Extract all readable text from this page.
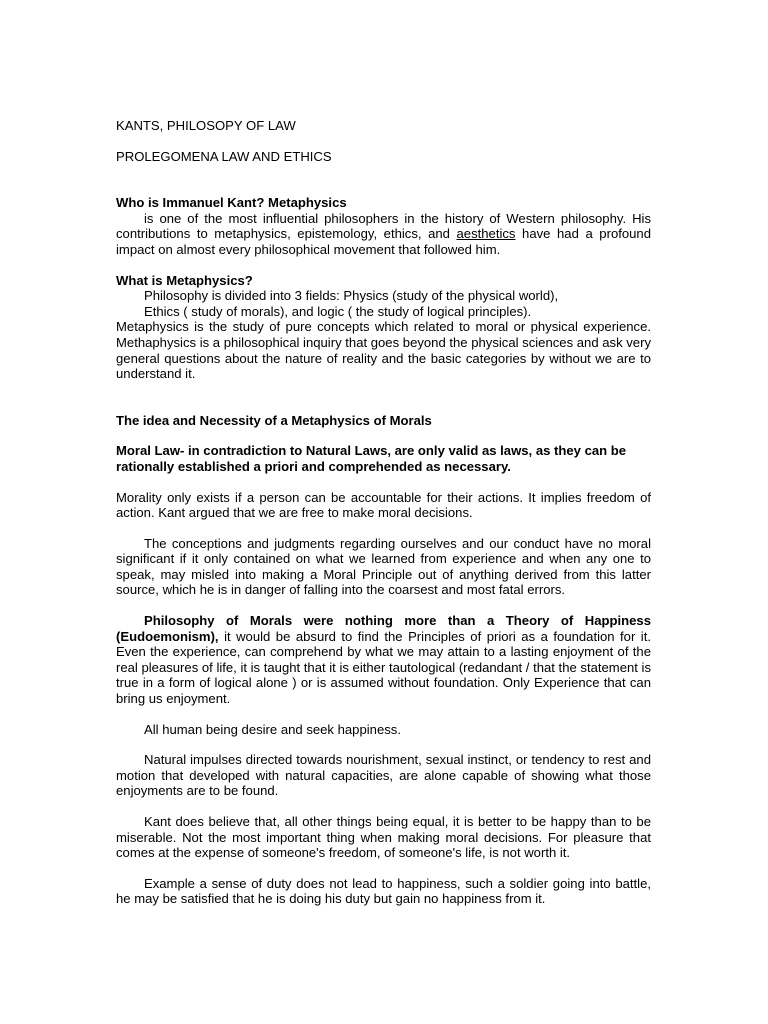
KANTS, PHILOSOPY OF LAW

PROLEGOMENA LAW AND ETHICS

Who is Immanuel Kant? Metaphysics

is one of the most influential philosophers in the history of Western philosophy. His contributions to metaphysics, epistemology, ethics, and aesthetics have had a profound impact on almost every philosophical movement that followed him.

What is Metaphysics?

Philosophy is divided into 3 fields: Physics (study of the physical world),

Ethics ( study of morals), and logic ( the study of logical principles).

Metaphysics is the study of pure concepts which related to moral or physical experience. Methaphysics is a philosophical inquiry that goes beyond the physical sciences and ask very general questions about the nature of reality and the basic categories by without we are to understand it.

The idea and Necessity of a Metaphysics of Morals

Moral Law- in contradiction to Natural Laws, are only valid as laws, as they can be rationally established a priori and comprehended as necessary.

Morality only exists if a person can be accountable for their actions. It implies freedom of action. Kant argued that we are free to make moral decisions.

The conceptions and judgments regarding ourselves and our conduct have no moral significant if it only contained on what we learned from experience and when any one to speak, may misled into making a Moral Principle out of anything derived from this latter source, which he is in danger of falling into the coarsest and most fatal errors.

Philosophy of Morals were nothing more than a Theory of Happiness (Eudoemonism), it would be absurd to find the Principles of priori as a foundation for it. Even the experience, can comprehend by what we may attain to a lasting enjoyment of the real pleasures of life, it is taught that it is either tautological (redandant / that the statement is true in a form of logical alone ) or is assumed without foundation. Only Experience that can bring us enjoyment.

All human being desire and seek happiness.

Natural impulses directed towards nourishment, sexual instinct, or tendency to rest and motion that developed with natural capacities, are alone capable of showing what those enjoyments are to be found.

Kant does believe that, all other things being equal, it is better to be happy than to be miserable. Not the most important thing when making moral decisions. For pleasure that comes at the expense of someone's freedom, of someone's life, is not worth it.

Example a sense of duty does not lead to happiness, such a soldier going into battle, he may be satisfied that he is doing his duty but gain no happiness from it.
